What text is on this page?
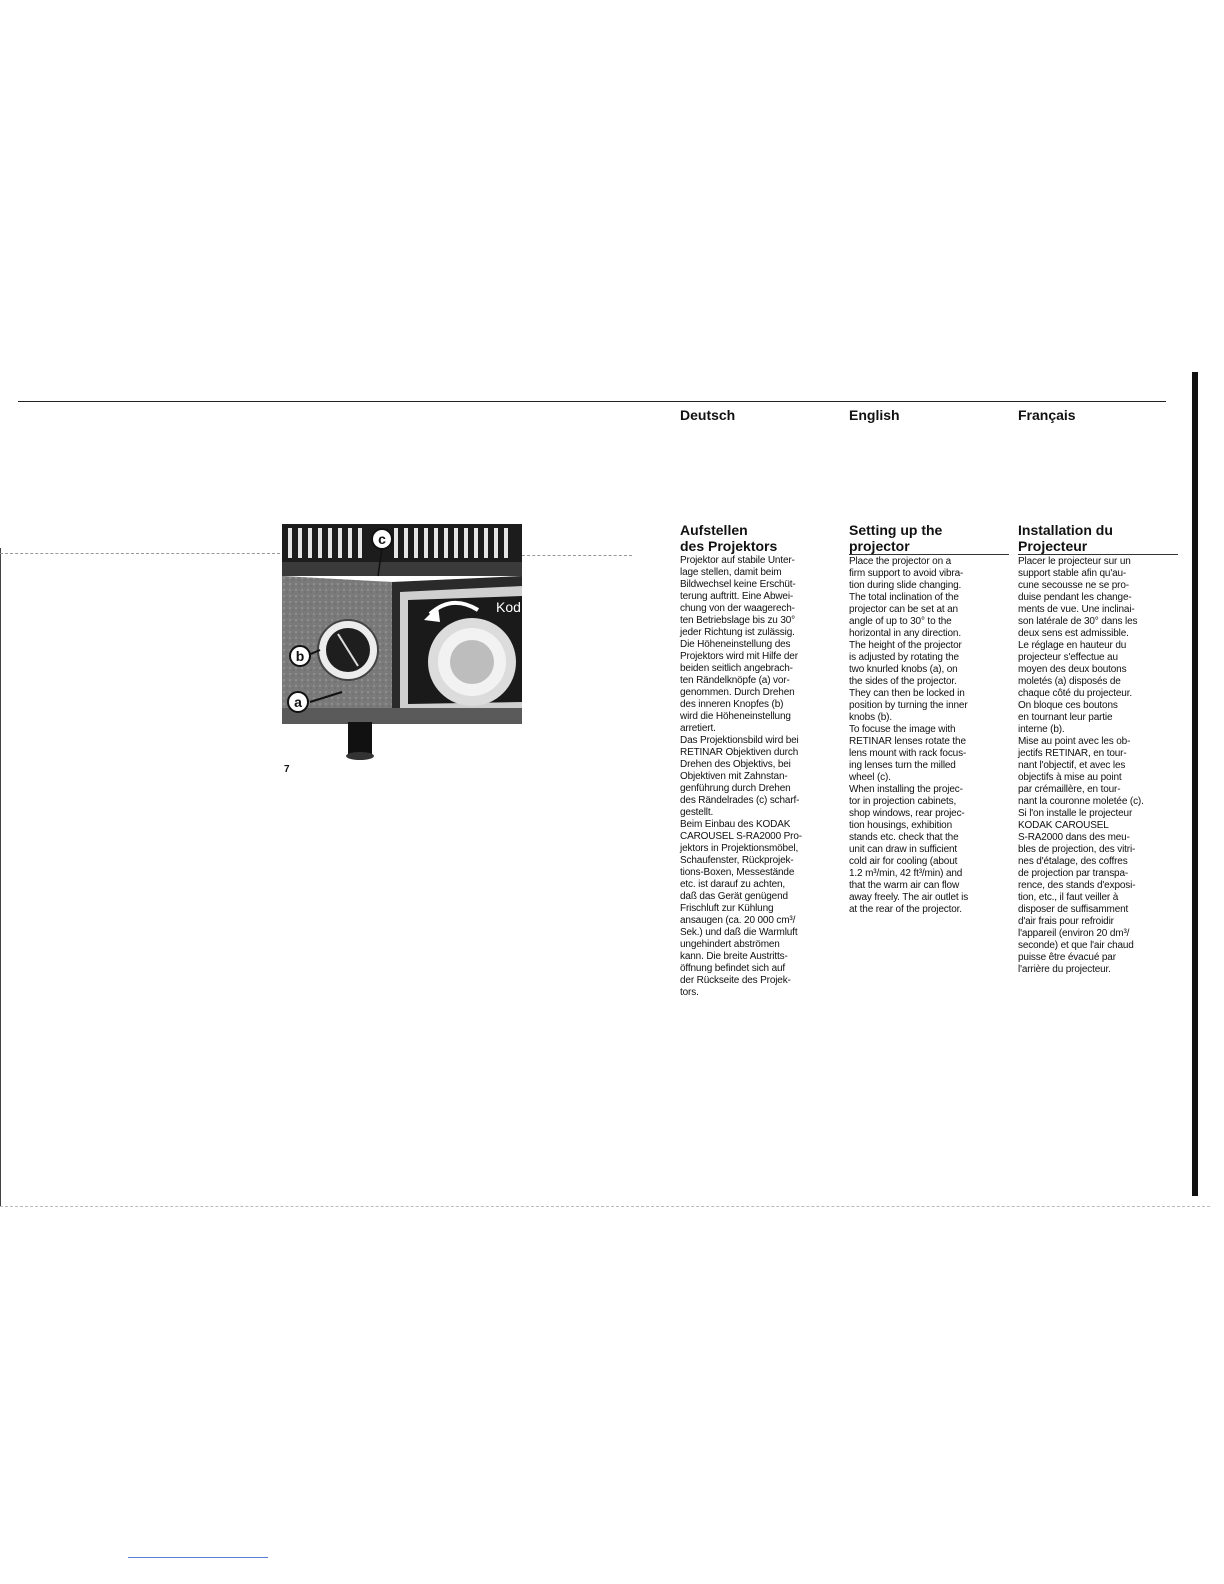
Deutsch	English	Français
Kod
c
b
a
7
Aufstellen
des Projektors
Projektor auf stabile Unter-
lage stellen, damit beim
Bildwechsel keine Erschüt-
terung auftritt. Eine Abwei-
chung von der waagerech-
ten Betriebslage bis zu 30°
jeder Richtung ist zulässig.
Die Höheneinstellung des
Projektors wird mit Hilfe der
beiden seitlich angebrach-
ten Rändelknöpfe (a) vor-
genommen. Durch Drehen
des inneren Knopfes (b)
wird die Höheneinstellung
arretiert.
Das Projektionsbild wird bei
RETINAR Objektiven durch
Drehen des Objektivs, bei
Objektiven mit Zahnstan-
genführung durch Drehen
des Rändelrades (c) scharf-
gestellt.
Beim Einbau des KODAK
CAROUSEL S-RA2000 Pro-
jektors in Projektionsmöbel,
Schaufenster, Rückprojek-
tions-Boxen, Messestände
etc. ist darauf zu achten,
daß das Gerät genügend
Frischluft zur Kühlung
ansaugen (ca. 20 000 cm³/
Sek.) und daß die Warmluft
ungehindert abströmen
kann. Die breite Austritts-
öffnung befindet sich auf
der Rückseite des Projek-
tors.
Setting up the
projector
Place the projector on a
firm support to avoid vibra-
tion during slide changing.
The total inclination of the
projector can be set at an
angle of up to 30° to the
horizontal in any direction.
The height of the projector
is adjusted by rotating the
two knurled knobs (a), on
the sides of the projector.
They can then be locked in
position by turning the inner
knobs (b).
To focuse the image with
RETINAR lenses rotate the
lens mount with rack focus-
ing lenses turn the milled
wheel (c).
When installing the projec-
tor in projection cabinets,
shop windows, rear projec-
tion housings, exhibition
stands etc. check that the
unit can draw in sufficient
cold air for cooling (about
1.2 m³/min, 42 ft³/min) and
that the warm air can flow
away freely. The air outlet is
at the rear of the projector.
Installation du
Projecteur
Placer le projecteur sur un
support stable afin qu'au-
cune secousse ne se pro-
duise pendant les change-
ments de vue. Une inclinai-
son latérale de 30° dans les
deux sens est admissible.
Le réglage en hauteur du
projecteur s'effectue au
moyen des deux boutons
moletés (a) disposés de
chaque côté du projecteur.
On bloque ces boutons
en tournant leur partie
interne (b).
Mise au point avec les ob-
jectifs RETINAR, en tour-
nant l'objectif, et avec les
objectifs à mise au point
par crémaillère, en tour-
nant la couronne moletée (c).
Si l'on installe le projecteur
KODAK CAROUSEL
S-RA2000 dans des meu-
bles de projection, des vitri-
nes d'étalage, des coffres
de projection par transpa-
rence, des stands d'exposi-
tion, etc., il faut veiller à
disposer de suffisamment
d'air frais pour refroidir
l'appareil (environ 20 dm³/
seconde) et que l'air chaud
puisse être évacué par
l'arrière du projecteur.
